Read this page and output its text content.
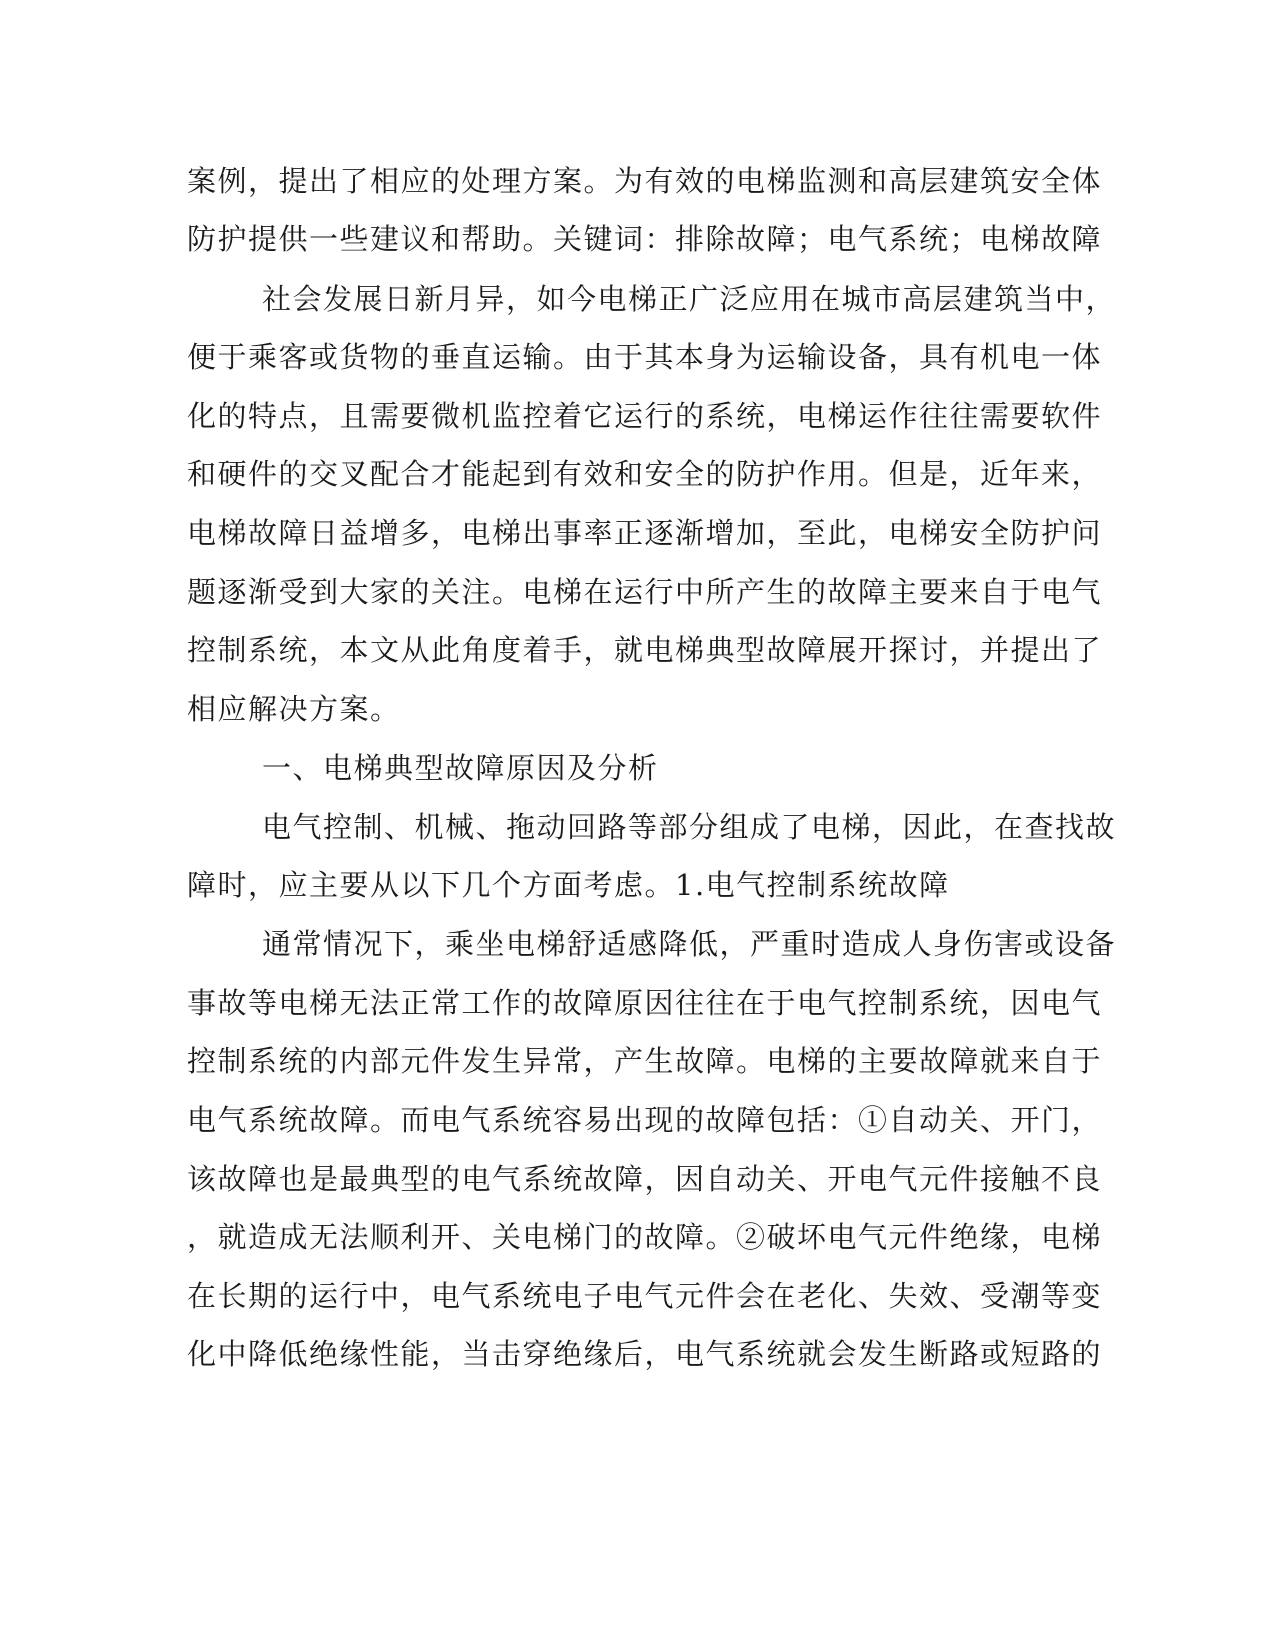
案例，提出了相应的处理方案。为有效的电梯监测和高层建筑安全体
防护提供一些建议和帮助。关键词：排除故障；电气系统；电梯故障
社会发展日新月异，如今电梯正广泛应用在城市高层建筑当中，
便于乘客或货物的垂直运输。由于其本身为运输设备，具有机电一体
化的特点，且需要微机监控着它运行的系统，电梯运作往往需要软件
和硬件的交叉配合才能起到有效和安全的防护作用。但是，近年来，
电梯故障日益增多，电梯出事率正逐渐增加，至此，电梯安全防护问
题逐渐受到大家的关注。电梯在运行中所产生的故障主要来自于电气
控制系统，本文从此角度着手，就电梯典型故障展开探讨，并提出了
相应解决方案。
一、电梯典型故障原因及分析
电气控制、机械、拖动回路等部分组成了电梯，因此，在查找故
障时，应主要从以下几个方面考虑。1.电气控制系统故障
通常情况下，乘坐电梯舒适感降低，严重时造成人身伤害或设备
事故等电梯无法正常工作的故障原因往往在于电气控制系统，因电气
控制系统的内部元件发生异常，产生故障。电梯的主要故障就来自于
电气系统故障。而电气系统容易出现的故障包括：①自动关、开门，
该故障也是最典型的电气系统故障，因自动关、开电气元件接触不良
，就造成无法顺利开、关电梯门的故障。②破坏电气元件绝缘，电梯
在长期的运行中，电气系统电子电气元件会在老化、失效、受潮等变
化中降低绝缘性能，当击穿绝缘后，电气系统就会发生断路或短路的
